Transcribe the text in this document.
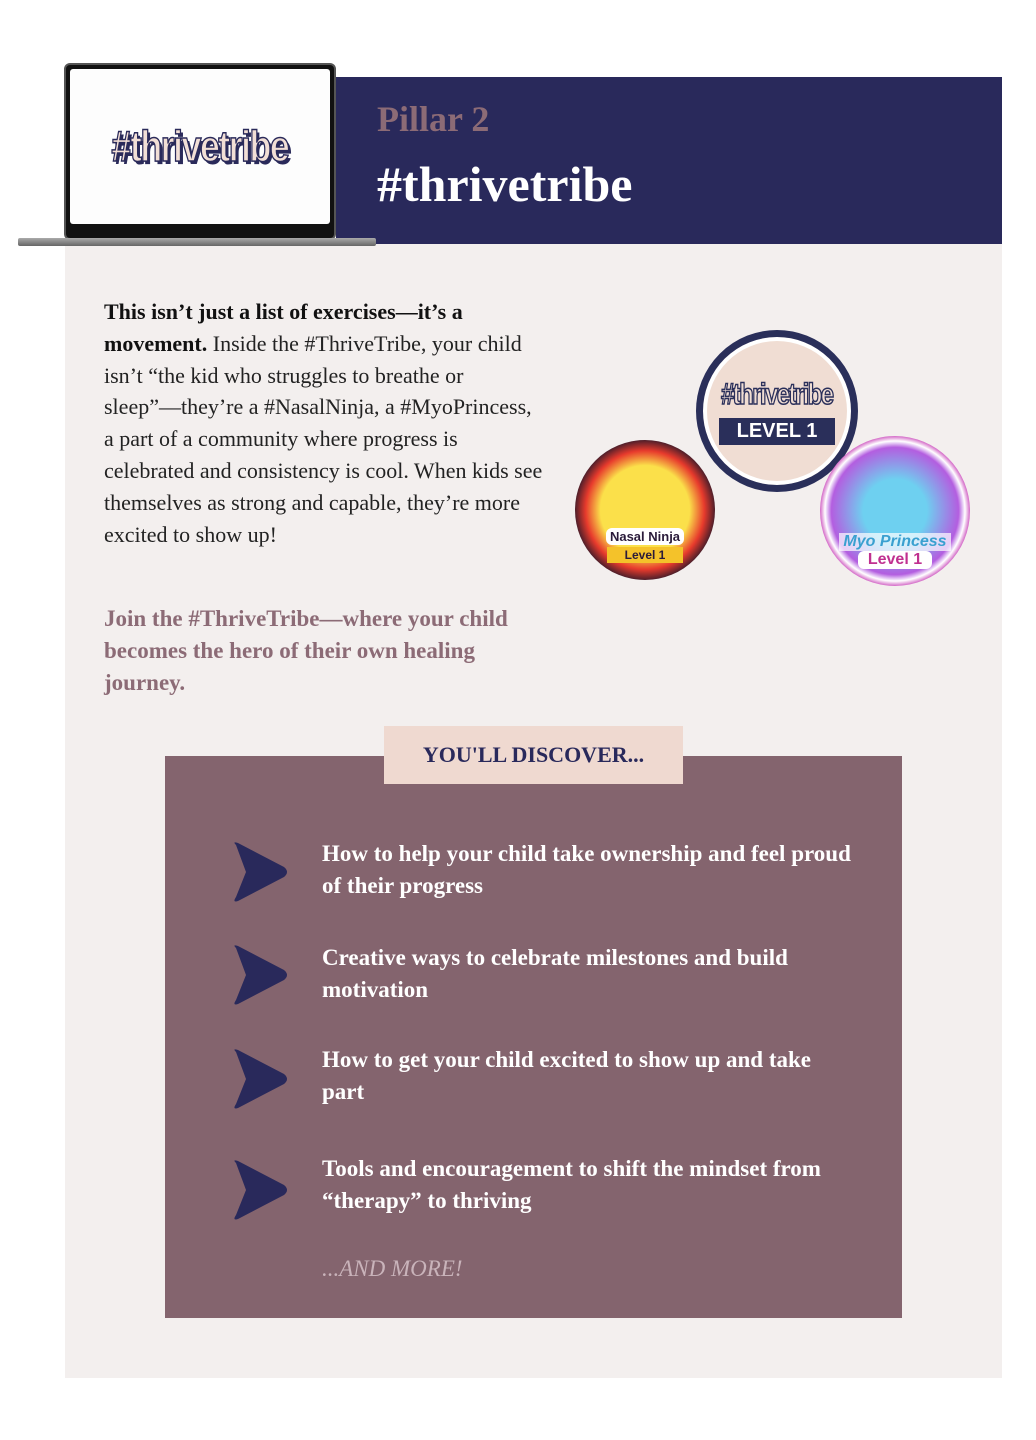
Pillar 2
#thrivetribe
#thrivetribe
This isn’t just a list of exercises—it’s a movement. Inside the #ThriveTribe, your child isn’t “the kid who struggles to breathe or sleep”—they’re a #NasalNinja, a #MyoPrincess, a part of a community where progress is celebrated and consistency is cool. When kids see themselves as strong and capable, they’re more excited to show up!
Join the #ThriveTribe—where your child becomes the hero of their own healing journey.
#thrivetribe
LEVEL 1
Nasal Ninja
Level 1
Myo Princess
Level 1
YOU'LL DISCOVER...
How to help your child take ownership and feel proud of their progress
Creative ways to celebrate milestones and build motivation
How to get your child excited to show up and take part
Tools and encouragement to shift the mindset from “therapy” to thriving
...AND MORE!
